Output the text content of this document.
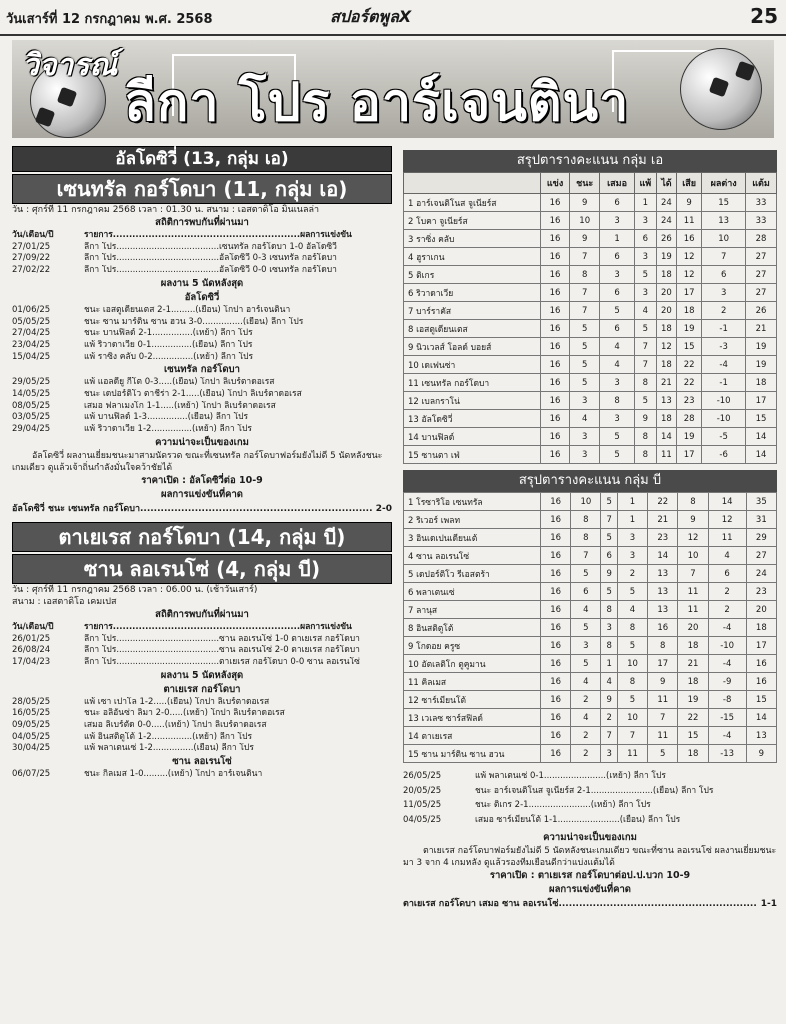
วันเสาร์ที่ 12 กรกฎาคม พ.ศ. 2568	สปอร์ตพูลX	25
วิจารณ์
ลีกา โปร อาร์เจนตินา
อัลโดซิวี่ (13, กลุ่ม เอ)
เซนทรัล กอร์โดบา (11, กลุ่ม เอ)
วัน : ศุกร์ที่ 11 กรกฎาคม 2568 เวลา : 01.30 น. สนาม : เอสตาดิโอ มินเนลล่า
สถิติการพบกันที่ผ่านมา
วัน/เดือน/ปี	รายการ..........................................................ผลการแข่งขัน
27/01/25	ลีกา โปร......................................เซนทรัล กอร์โดบา 1-0 อัลโดซิวี่
27/09/22	ลีกา โปร......................................อัลโดซิวี่ 0-3 เซนทรัล กอร์โดบา
27/02/22	ลีกา โปร......................................อัลโดซิวี่ 0-0 เซนทรัล กอร์โดบา
ผลงาน 5 นัดหลังสุด
อัลโดซิวี่
01/06/25	ชนะ เอสตูเดียนเตส 2-1.........(เยือน) โกปา อาร์เจนตินา
05/05/25	ชนะ ซาน มาร์ติน ซาน ฮวน 3-0...............(เยือน) ลีกา โปร
27/04/25	ชนะ บานฟิลด์ 2-1...............(เหย้า) ลีกา โปร
23/04/25	แพ้ ริวาดาเวีย 0-1...............(เยือน) ลีกา โปร
15/04/25	แพ้ ราซิ่ง คลับ 0-2...............(เหย้า) ลีกา โปร
เซนทรัล กอร์โดบา
29/05/25	แพ้ แอลดียู กีโต 0-3.....(เยือน) โกปา ลิเบร์ตาดอเรส
14/05/25	ชนะ เดปอร์ติโว ตาชีร่า 2-1.....(เยือน) โกปา ลิเบร์ตาดอเรส
08/05/25	เสมอ ฟลาเมงโก 1-1.....(เหย้า) โกปา ลิเบร์ตาดอเรส
03/05/25	แพ้ บานฟิลด์ 1-3...............(เยือน) ลีกา โปร
29/04/25	แพ้ ริวาดาเวีย 1-2...............(เหย้า) ลีกา โปร
ความน่าจะเป็นของเกม
อัลโดซิวี่ ผลงานเยี่ยมชนะมาสามนัดรวด ขณะที่เซนทรัล กอร์โดบาฟอร์มยังไม่ดี 5 นัดหลังชนะเกมเดียว ดูแล้วเจ้าถิ่นกำลังมั่นใจคว้าชัยได้
ราคาเปิด : อัลโดซิวี่ต่อ 10-9
ผลการแข่งขันที่คาด
อัลโดซิวี่ ชนะ เซนทรัล กอร์โดบา.................................................................... 2-0
ตาเยเรส กอร์โดบา (14, กลุ่ม บี)
ซาน ลอเรนโซ่ (4, กลุ่ม บี)
วัน : ศุกร์ที่ 11 กรกฎาคม 2568 เวลา : 06.00 น. (เช้าวันเสาร์)
สนาม : เอสตาดิโอ เคมเปส
สถิติการพบกันที่ผ่านมา
วัน/เดือน/ปี	รายการ..........................................................ผลการแข่งขัน
26/01/25	ลีกา โปร......................................ซาน ลอเรนโซ่ 1-0 ตาเยเรส กอร์โดบา
26/08/24	ลีกา โปร......................................ซาน ลอเรนโซ่ 2-0 ตาเยเรส กอร์โดบา
17/04/23	ลีกา โปร......................................ตาเยเรส กอร์โดบา 0-0 ซาน ลอเรนโซ่
ผลงาน 5 นัดหลังสุด
ตาเยเรส กอร์โดบา
28/05/25	แพ้ เซา เปาโล 1-2.....(เยือน) โกปา ลิเบร์ตาดอเรส
16/05/25	ชนะ อลิอันซ่า ลิมา 2-0.....(เหย้า) โกปา ลิเบร์ตาดอเรส
09/05/25	เสมอ ลิเบร์ตัด 0-0.....(เหย้า) โกปา ลิเบร์ตาดอเรส
04/05/25	แพ้ อินสติตูโต้ 1-2...............(เหย้า) ลีกา โปร
30/04/25	แพ้ พลาเตนเซ่ 1-2...............(เยือน) ลีกา โปร
ซาน ลอเรนโซ่
06/07/25	ชนะ กิลเมส 1-0.........(เหย้า) โกปา อาร์เจนตินา
สรุปตารางคะแนน กลุ่ม เอ
	แข่ง	ชนะ	เสมอ	แพ้	ได้	เสีย	ผลต่าง	แต้ม
1 อาร์เจนติโนส จูเนียร์ส	16	9	6	1	24	9	15	33
2 โบคา จูเนียร์ส	16	10	3	3	24	11	13	33
3 ราซิ่ง คลับ	16	9	1	6	26	16	10	28
4 ฮูราเกน	16	7	6	3	19	12	7	27
5 ติเกร	16	8	3	5	18	12	6	27
6 ริวาดาเวีย	16	7	6	3	20	17	3	27
7 บาร์ราคัส	16	7	5	4	20	18	2	26
8 เอสตูเดียนเตส	16	5	6	5	18	19	-1	21
9 นิวเวลส์ โอลด์ บอยส์	16	5	4	7	12	15	-3	19
10 เดเฟนซ่า	16	5	4	7	18	22	-4	19
11 เซนทรัล กอร์โดบา	16	5	3	8	21	22	-1	18
12 เบลกราโน่	16	3	8	5	13	23	-10	17
13 อัลโดซิวี่	16	4	3	9	18	28	-10	15
14 บานฟิลด์	16	3	5	8	14	19	-5	14
15 ซานตา เฟ่	16	3	5	8	11	17	-6	14
สรุปตารางคะแนน กลุ่ม บี
1 โรซาริโอ เซนทรัล	16	10	5	1	22	8	14	35
2 ริเวอร์ เพลท	16	8	7	1	21	9	12	31
3 อินเดเปนเดียนเต้	16	8	5	3	23	12	11	29
4 ซาน ลอเรนโซ่	16	7	6	3	14	10	4	27
5 เดปอร์ติโว รีเอสตร้า	16	5	9	2	13	7	6	24
6 พลาเตนเซ่	16	6	5	5	13	11	2	23
7 ลานุส	16	4	8	4	13	11	2	20
8 อินสติตูโต้	16	5	3	8	16	20	-4	18
9 โกดอย ครูซ	16	3	8	5	8	18	-10	17
10 อัตเลติโก ตูคูมาน	16	5	1	10	17	21	-4	16
11 คิลเมส	16	4	4	8	9	18	-9	16
12 ซาร์เมียนโต้	16	2	9	5	11	19	-8	15
13 เวเลซ ซาร์สฟิลด์	16	4	2	10	7	22	-15	14
14 ตาเยเรส	16	2	7	7	11	15	-4	13
15 ซาน มาร์ติน ซาน ฮวน	16	2	3	11	5	18	-13	9
26/05/25	แพ้ พลาเตนเซ่ 0-1.......................(เหย้า) ลีกา โปร
20/05/25	ชนะ อาร์เจนติโนส จูเนียร์ส 2-1.......................(เยือน) ลีกา โปร
11/05/25	ชนะ ติเกร 2-1.......................(เหย้า) ลีกา โปร
04/05/25	เสมอ ซาร์เมียนโต้ 1-1.......................(เยือน) ลีกา โปร
ความน่าจะเป็นของเกม
ตาเยเรส กอร์โดบาฟอร์มยังไม่ดี 5 นัดหลังชนะเกมเดียว ขณะที่ซาน ลอเรนโซ่ ผลงานเยี่ยมชนะมา 3 จาก 4 เกมหลัง ดูแล้วรองทีมเยือนดีกว่าแบ่งแต้มได้
ราคาเปิด : ตาเยเรส กอร์โดบาต่อป.ป.บวก 10-9
ผลการแข่งขันที่คาด
ตาเยเรส กอร์โดบา เสมอ ซาน ลอเรนโซ่.......................................................... 1-1
